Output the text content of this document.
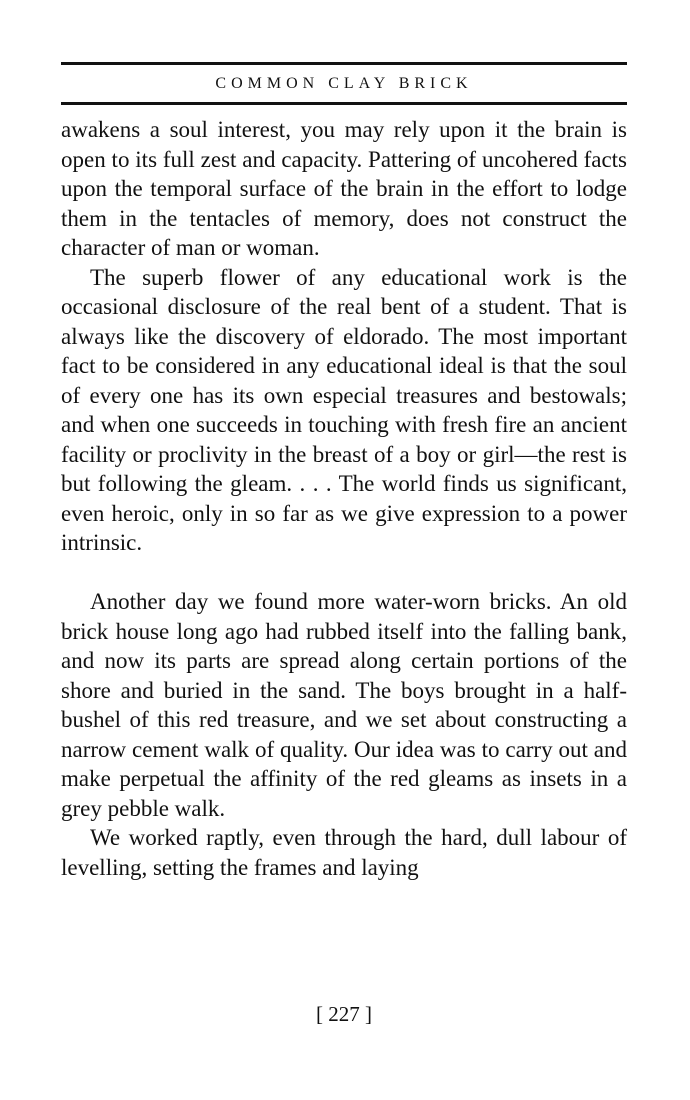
COMMON CLAY BRICK

awakens a soul interest, you may rely upon it the brain is open to its full zest and capacity. Pattering of uncohered facts upon the temporal surface of the brain in the effort to lodge them in the tentacles of memory, does not construct the character of man or woman.

The superb flower of any educational work is the occasional disclosure of the real bent of a student. That is always like the discovery of eldorado. The most important fact to be considered in any educational ideal is that the soul of every one has its own especial treasures and bestowals; and when one succeeds in touching with fresh fire an ancient facility or proclivity in the breast of a boy or girl—the rest is but following the gleam. . . . The world finds us significant, even heroic, only in so far as we give expression to a power intrinsic.

Another day we found more water-worn bricks. An old brick house long ago had rubbed itself into the falling bank, and now its parts are spread along certain portions of the shore and buried in the sand. The boys brought in a half-bushel of this red treasure, and we set about constructing a narrow cement walk of quality. Our idea was to carry out and make perpetual the affinity of the red gleams as insets in a grey pebble walk.

We worked raptly, even through the hard, dull labour of levelling, setting the frames and laying

[ 227 ]
